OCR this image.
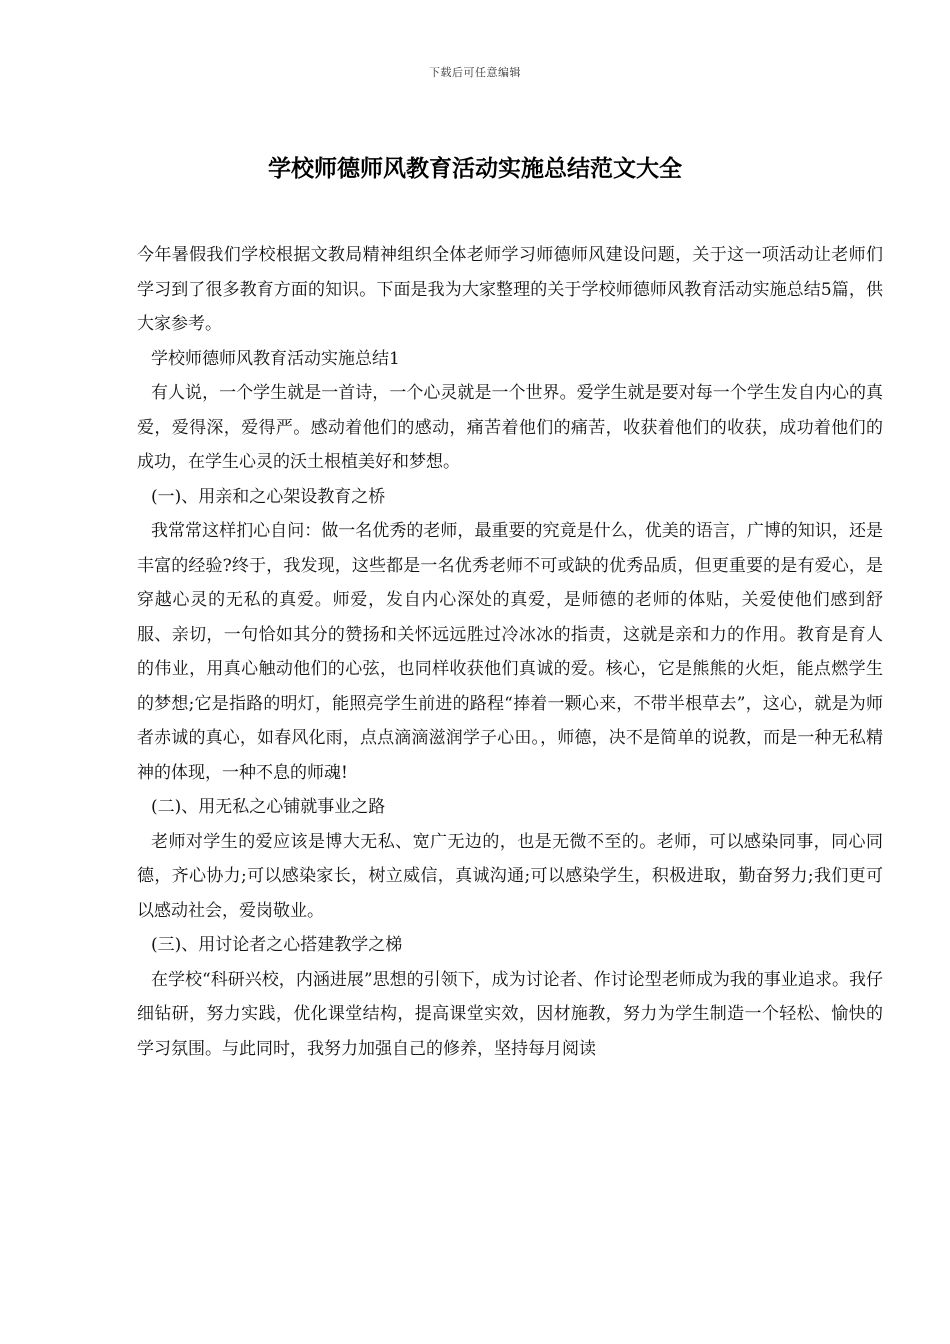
下载后可任意编辑
学校师德师风教育活动实施总结范文大全

今年暑假我们学校根据文教局精神组织全体老师学习师德师风建设问题，关于这一项活动让老师们学习到了很多教育方面的知识。下面是我为大家整理的关于学校师德师风教育活动实施总结5篇，供大家参考。

学校师德师风教育活动实施总结1

有人说，一个学生就是一首诗，一个心灵就是一个世界。爱学生就是要对每一个学生发自内心的真爱，爱得深，爱得严。感动着他们的感动，痛苦着他们的痛苦，收获着他们的收获，成功着他们的成功，在学生心灵的沃土根植美好和梦想。

(一)、用亲和之心架设教育之桥

我常常这样扪心自问：做一名优秀的老师，最重要的究竟是什么，优美的语言，广博的知识，还是丰富的经验?终于，我发现，这些都是一名优秀老师不可或缺的优秀品质，但更重要的是有爱心，是穿越心灵的无私的真爱。师爱，发自内心深处的真爱，是师德的老师的体贴，关爱使他们感到舒服、亲切，一句恰如其分的赞扬和关怀远远胜过冷冰冰的指责，这就是亲和力的作用。教育是育人的伟业，用真心触动他们的心弦，也同样收获他们真诚的爱。核心，它是熊熊的火炬，能点燃学生的梦想;它是指路的明灯，能照亮学生前进的路程“捧着一颗心来，不带半根草去”，这心，就是为师者赤诚的真心，如春风化雨，点点滴滴滋润学子心田。，师德，决不是简单的说教，而是一种无私精神的体现，一种不息的师魂!

(二)、用无私之心铺就事业之路

老师对学生的爱应该是博大无私、宽广无边的，也是无微不至的。老师，可以感染同事，同心同德，齐心协力;可以感染家长，树立威信，真诚沟通;可以感染学生，积极进取，勤奋努力;我们更可以感动社会，爱岗敬业。

(三)、用讨论者之心搭建教学之梯

在学校“科研兴校，内涵进展”思想的引领下，成为讨论者、作讨论型老师成为我的事业追求。我仔细钻研，努力实践，优化课堂结构，提高课堂实效，因材施教，努力为学生制造一个轻松、愉快的学习氛围。与此同时，我努力加强自己的修养，坚持每月阅读
